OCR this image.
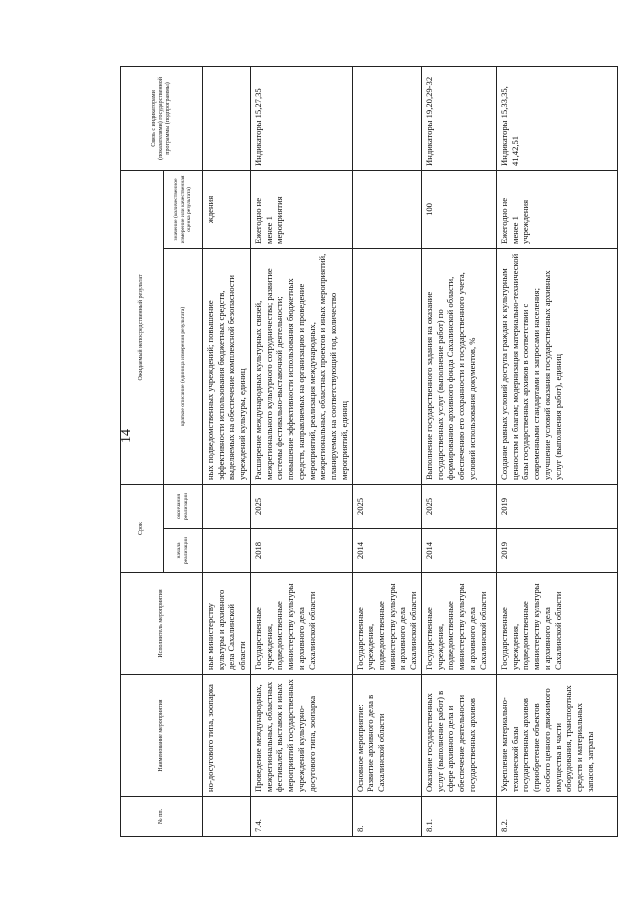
14
№ пп.	Наименование мероприятия	Исполнитель мероприятия	Срок		Ожидаемый непосредственный результат		Связь с индикаторами (показателями) государственной программы (подпрограммы)
			начала реализации	окончания реализации	краткое описание (единица измерения результата)	значение (количественное измерение или качественная оценка результата)	
	но-досугового типа, зоопарка	ные министерству культуры и архивного дела Сахалинской области			ных подведомственных учреждений; повышение эффективности использования бюджетных средств, выделяемых на обеспечение комплексной безопасности учреждений культуры, единиц	ждения	
7.4.	Проведение международных, межрегиональных, областных фестивалей, выставок и иных мероприятий государственных учреждений культурно-досугового типа, зоопарка	Государственные учреждения, подведомственные министерству культуры и архивного дела Сахалинской области	2018	2025	Расширение международных культурных связей, межрегионального культурного сотрудничества; развитие системы фестивально-выставочной деятельности; повышение эффективности использования бюджетных средств, направляемых на организацию и проведение мероприятий, реализация международных, межрегиональных, областных проектов и иных мероприятий, планируемых на соответствующий год, количество мероприятий, единиц	Ежегодно не менее 1 мероприятия	Индикаторы 15,27,35
8.	Основное мероприятие: Развитие архивного дела в Сахалинской области	Государственные учреждения, подведомственные министерству культуры и архивного дела Сахалинской области	2014	2025			
8.1.	Оказание государственных услуг (выполнение работ) в сфере архивного дела и обеспечение деятельности государственных архивов	Государственные учреждения, подведомственные министерству культуры и архивного дела Сахалинской области	2014	2025	Выполнение государственного задания на оказание государственных услуг (выполнение работ) по формированию архивного фонда Сахалинской области, обеспечению его сохранности и государственного учета, условий использования документов, %	100	Индикаторы 19,20,29-32
8.2.	Укрепление материально-технической базы государственных архивов (приобретение объектов особого ценного движимого имущества в части оборудования, транспортных средств и материальных запасов, затраты	Государственные учреждения, подведомственные министерству культуры и архивного дела Сахалинской области	2019	2019	Создание равных условий доступа граждан к культурным ценностям и благам; модернизация материально-технической базы государственных архивов в соответствии с современными стандартами и запросами населения; улучшение условий оказания государственных архивных услуг (выполнения работ), единиц	Ежегодно не менее 1 учреждения	Индикаторы 15,33,35, 41,42,51
